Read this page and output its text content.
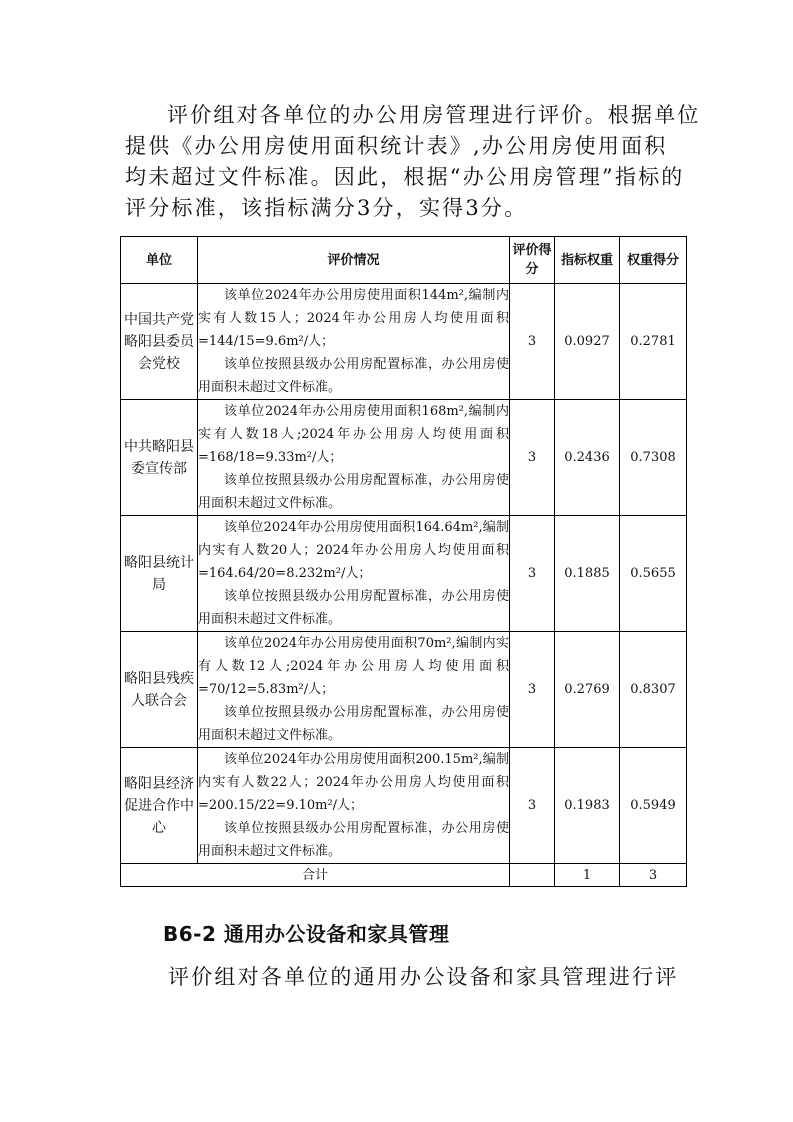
评价组对各单位的办公用房管理进行评价。根据单位
提供《办公用房使用面积统计表》,办公用房使用面积
均未超过文件标准。因此，根据“办公用房管理”指标的
评分标准，该指标满分3分，实得3分。

单位	评价情况	评价得分	指标权重	权重得分
中国共产党略阳县委员会党校	该单位2024年办公用房使用面积144m²,编制内实有人数15人；2024年办公用房人均使用面积=144/15=9.6m²/人；
该单位按照县级办公用房配置标准，办公用房使用面积未超过文件标准。	3	0.0927	0.2781
中共略阳县委宣传部	该单位2024年办公用房使用面积168m²,编制内实有人数18人;2024年办公用房人均使用面积=168/18=9.33m²/人；
该单位按照县级办公用房配置标准，办公用房使用面积未超过文件标准。	3	0.2436	0.7308
略阳县统计局	该单位2024年办公用房使用面积164.64m²,编制内实有人数20人；2024年办公用房人均使用面积=164.64/20=8.232m²/人；
该单位按照县级办公用房配置标准，办公用房使用面积未超过文件标准。	3	0.1885	0.5655
略阳县残疾人联合会	该单位2024年办公用房使用面积70m²,编制内实有人数12人;2024年办公用房人均使用面积=70/12=5.83m²/人；
该单位按照县级办公用房配置标准，办公用房使用面积未超过文件标准。	3	0.2769	0.8307
略阳县经济促进合作中心	该单位2024年办公用房使用面积200.15m²,编制内实有人数22人；2024年办公用房人均使用面积=200.15/22=9.10m²/人；
该单位按照县级办公用房配置标准，办公用房使用面积未超过文件标准。	3	0.1983	0.5949
合计			1	3
B6-2 通用办公设备和家具管理

评价组对各单位的通用办公设备和家具管理进行评
